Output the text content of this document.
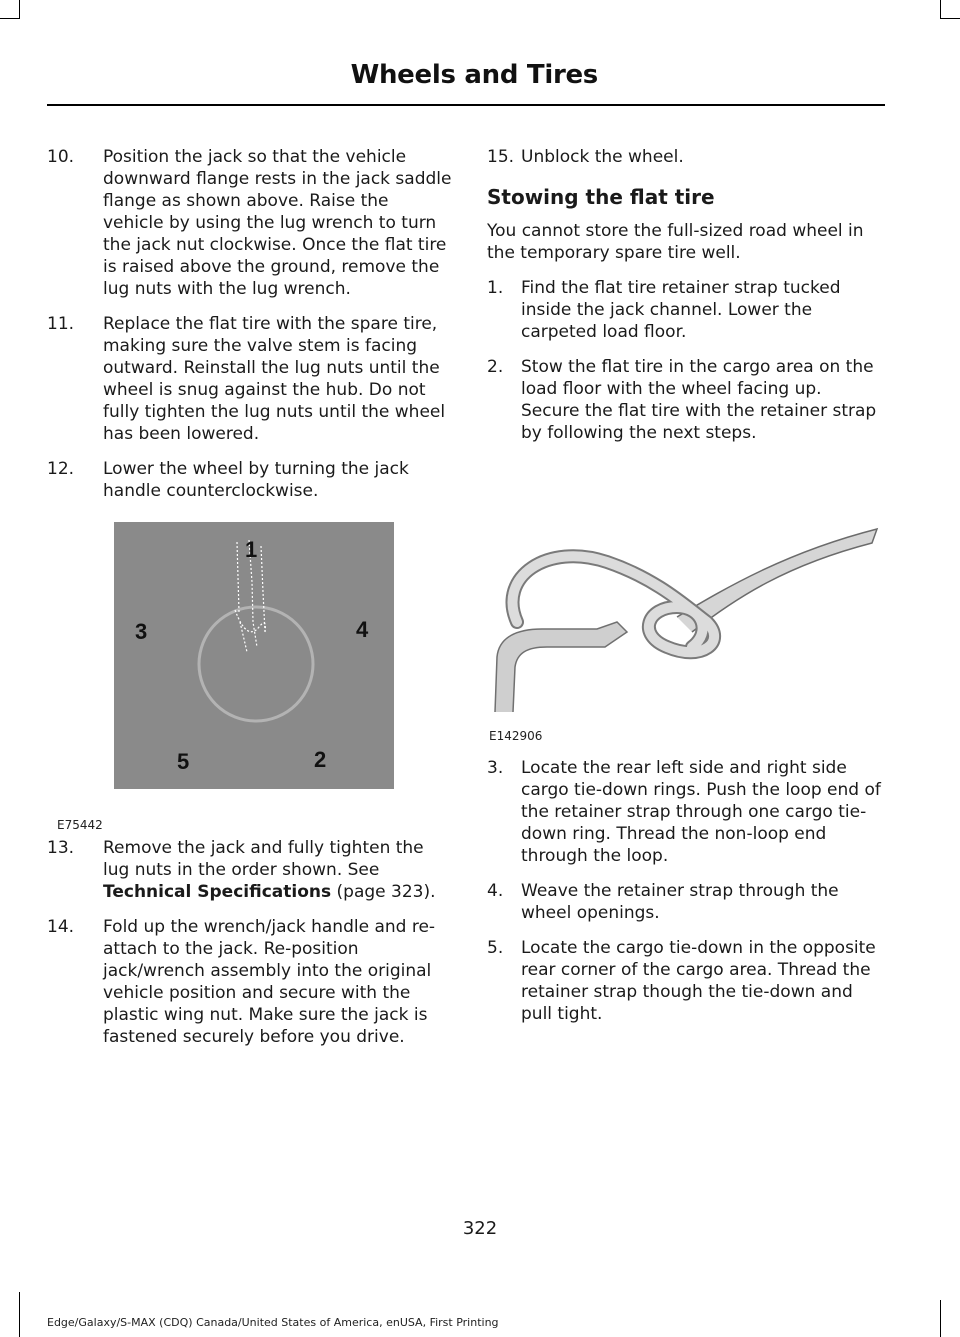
Wheels and Tires
10. Position the jack so that the vehicle downward flange rests in the jack saddle flange as shown above. Raise the vehicle by using the lug wrench to turn the jack nut clockwise. Once the flat tire is raised above the ground, remove the lug nuts with the lug wrench.
11. Replace the flat tire with the spare tire, making sure the valve stem is facing outward. Reinstall the lug nuts until the wheel is snug against the hub. Do not fully tighten the lug nuts until the wheel has been lowered.
12. Lower the wheel by turning the jack handle counterclockwise.
1
2
3	4
5
E75442
13. Remove the jack and fully tighten the lug nuts in the order shown. See Technical Specifications (page 323).
14. Fold up the wrench/jack handle and re-attach to the jack. Re-position jack/wrench assembly into the original vehicle position and secure with the plastic wing nut. Make sure the jack is fastened securely before you drive.
15. Unblock the wheel.
Stowing the flat tire
You cannot store the full-sized road wheel in the temporary spare tire well.
1. Find the flat tire retainer strap tucked inside the jack channel. Lower the carpeted load floor.
2. Stow the flat tire in the cargo area on the load floor with the wheel facing up. Secure the flat tire with the retainer strap by following the next steps.
E142906
3. Locate the rear left side and right side cargo tie-down rings. Push the loop end of the retainer strap through one cargo tie-down ring. Thread the non-loop end through the loop.
4. Weave the retainer strap through the wheel openings.
5. Locate the cargo tie-down in the opposite rear corner of the cargo area. Thread the retainer strap though the tie-down and pull tight.
322
Edge/Galaxy/S-MAX (CDQ) Canada/United States of America, enUSA, First Printing
